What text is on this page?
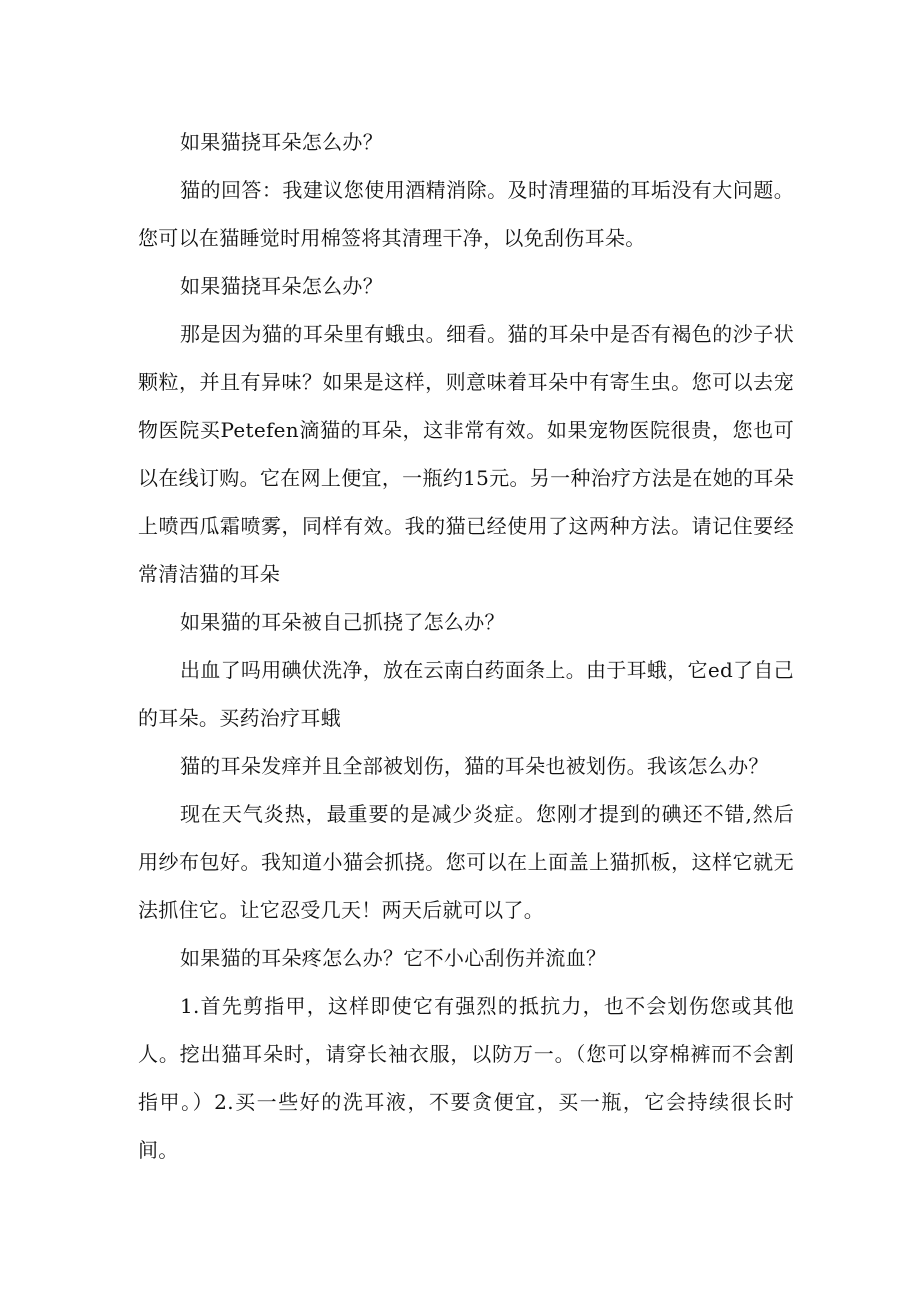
如果猫挠耳朵怎么办？

猫的回答：我建议您使用酒精消除。及时清理猫的耳垢没有大问题。您可以在猫睡觉时用棉签将其清理干净，以免刮伤耳朵。

如果猫挠耳朵怎么办？

那是因为猫的耳朵里有蛾虫。细看。猫的耳朵中是否有褐色的沙子状颗粒，并且有异味？如果是这样，则意味着耳朵中有寄生虫。您可以去宠物医院买Petefen滴猫的耳朵，这非常有效。如果宠物医院很贵，您也可以在线订购。它在网上便宜，一瓶约15元。另一种治疗方法是在她的耳朵上喷西瓜霜喷雾，同样有效。我的猫已经使用了这两种方法。请记住要经常清洁猫的耳朵

如果猫的耳朵被自己抓挠了怎么办？

出血了吗用碘伏洗净，放在云南白药面条上。由于耳蛾，它ed了自己的耳朵。买药治疗耳蛾

猫的耳朵发痒并且全部被划伤，猫的耳朵也被划伤。我该怎么办？

现在天气炎热，最重要的是减少炎症。您刚才提到的碘还不错,然后用纱布包好。我知道小猫会抓挠。您可以在上面盖上猫抓板，这样它就无法抓住它。让它忍受几天！两天后就可以了。

如果猫的耳朵疼怎么办？它不小心刮伤并流血？

1.首先剪指甲，这样即使它有强烈的抵抗力，也不会划伤您或其他人。挖出猫耳朵时，请穿长袖衣服，以防万一。（您可以穿棉裤而不会割指甲。）2.买一些好的洗耳液，不要贪便宜，买一瓶，它会持续很长时间。
